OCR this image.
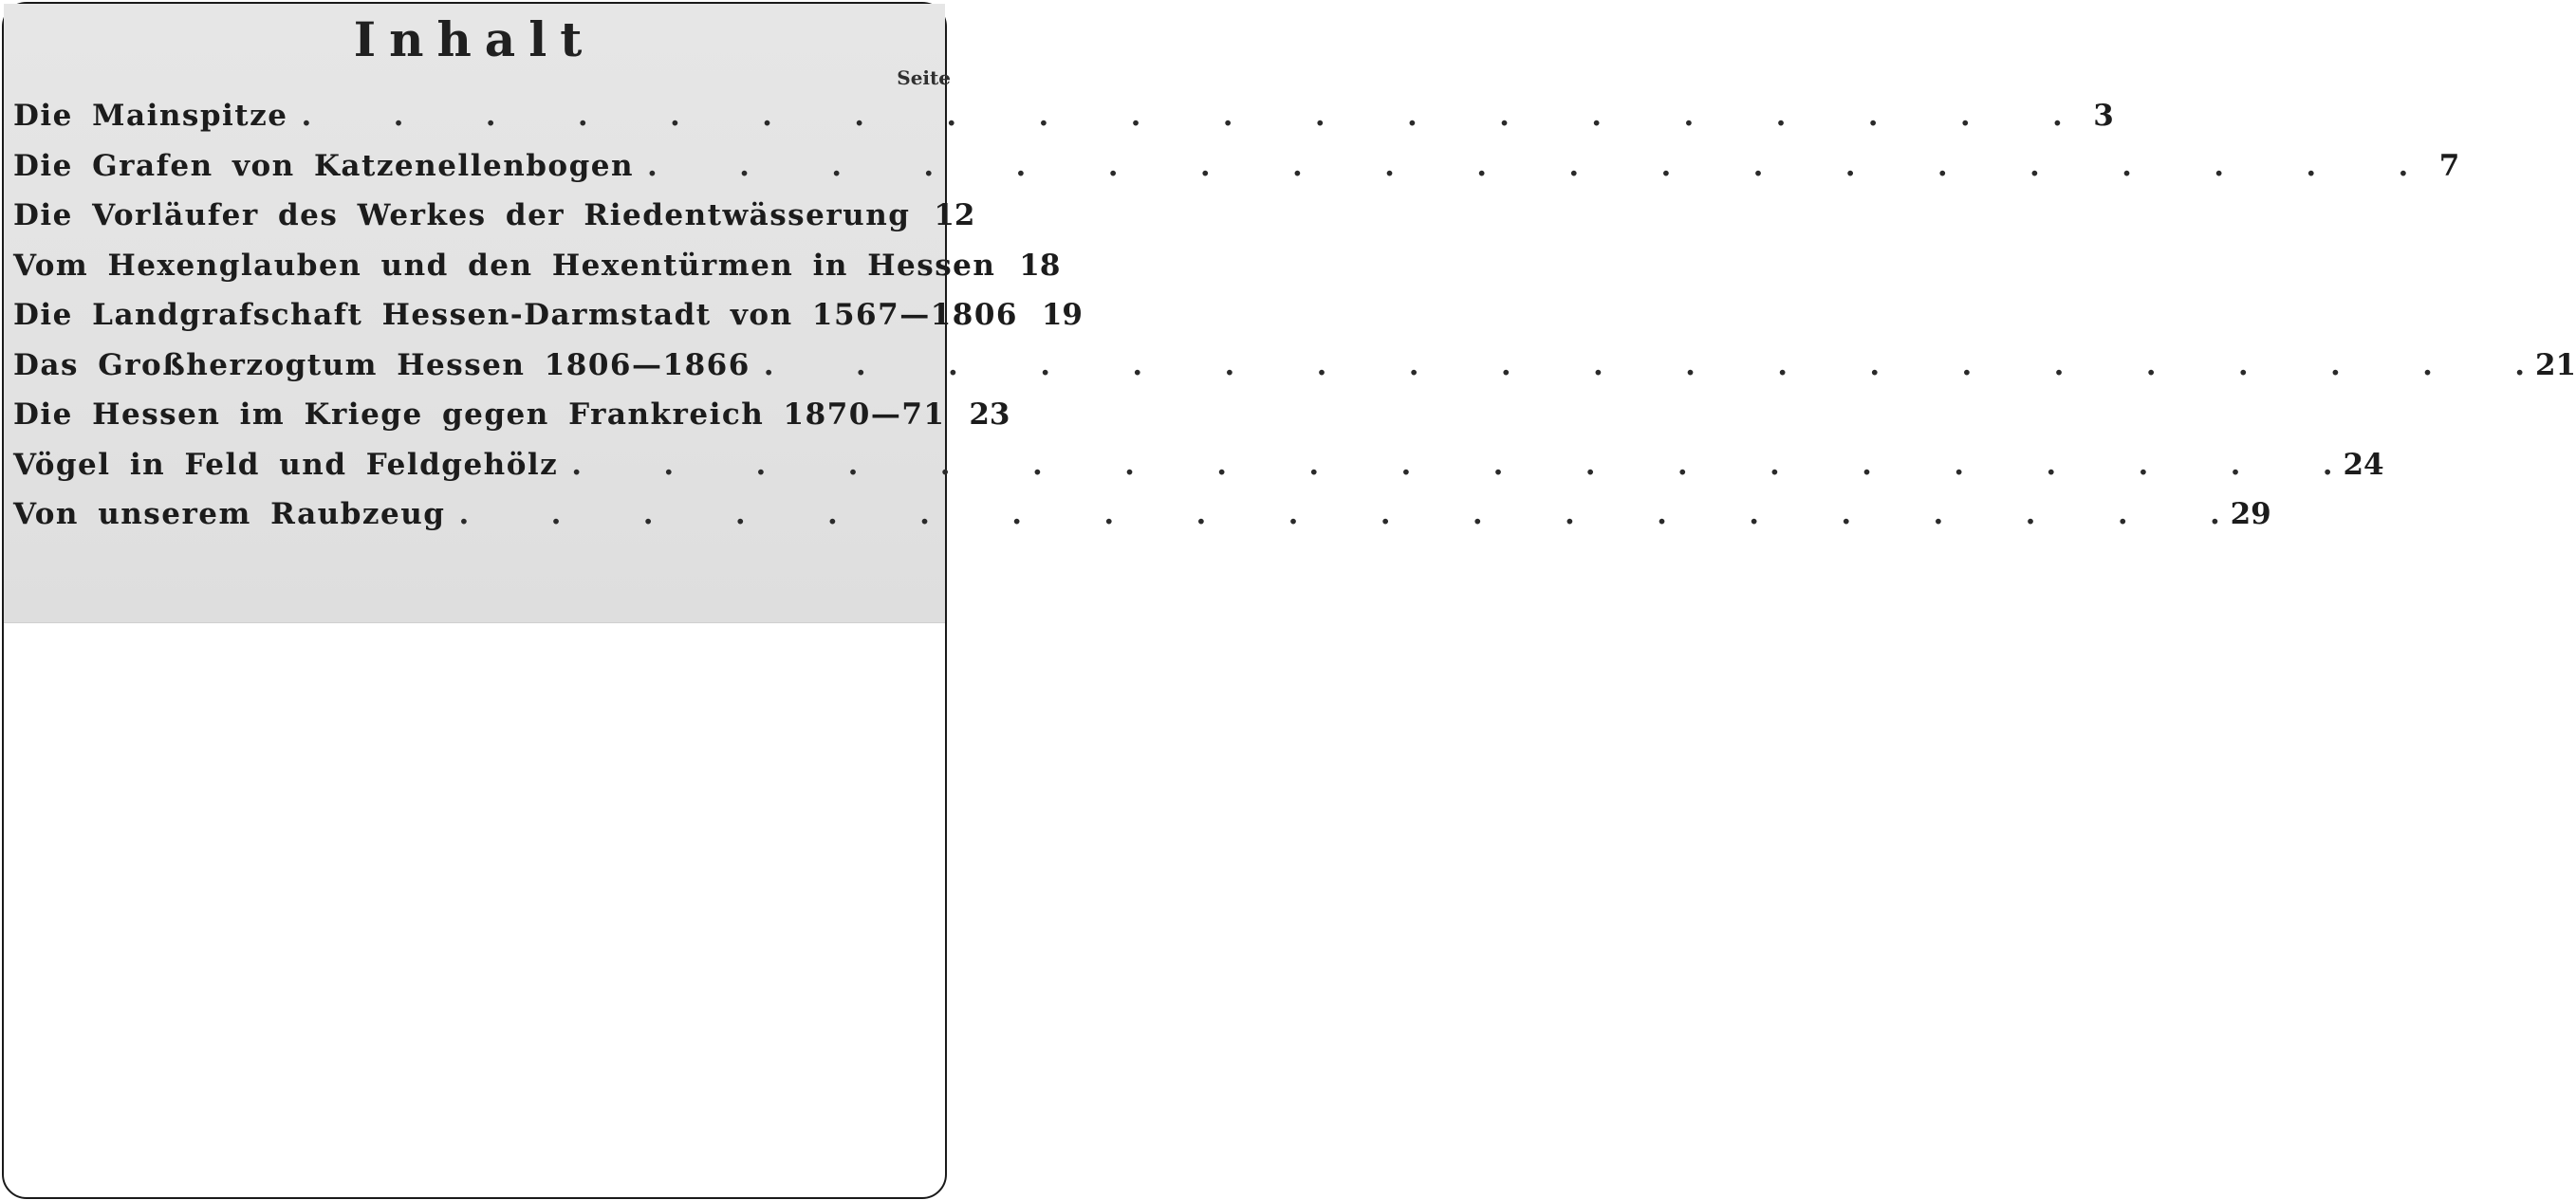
Inhalt
Seite
Die Mainspitze .	3
Die Grafen von Katzenellenbogen .	7
Die Vorläufer des Werkes der Riedentwässerung 12
Vom Hexenglauben und den Hexentürmen in Hessen 18
Die Landgrafschaft Hessen-Darmstadt von 1567—1806 19
Das Großherzogtum Hessen 1806—1866 .	21
Die Hessen im Kriege gegen Frankreich 1870—71 23
Vögel in Feld und Feldgehölz .	24
Von unserem Raubzeug .	29
